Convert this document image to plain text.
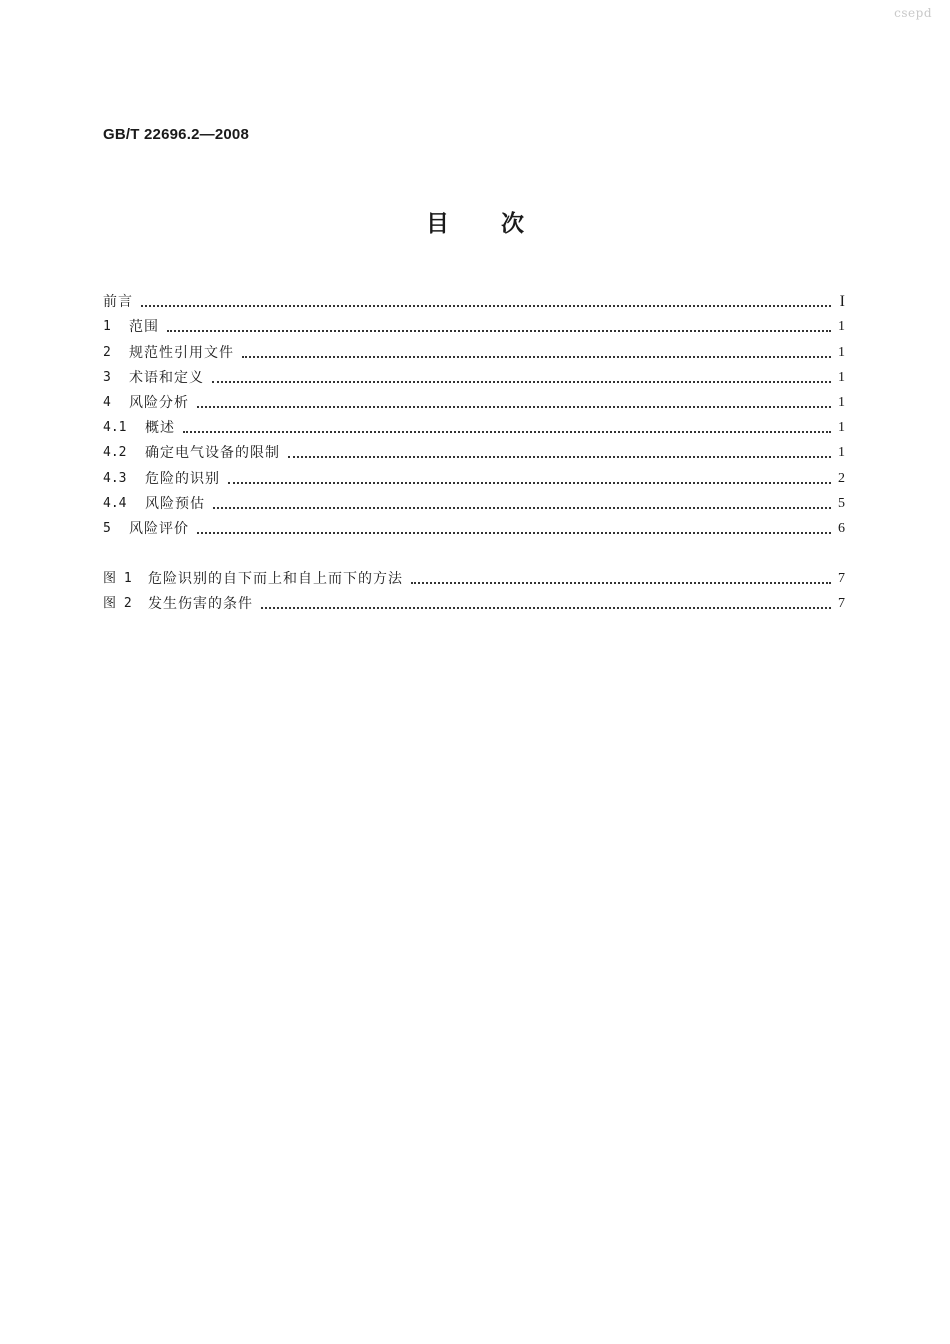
csepd
GB/T 22696.2—2008
目 次
前言	I
1	范围	1
2	规范性引用文件	1
3	术语和定义	1
4	风险分析	1
4.1	概述	1
4.2	确定电气设备的限制	1
4.3	危险的识别	2
4.4	风险预估	5
5	风险评价	6
图 1	危险识别的自下而上和自上而下的方法	7
图 2	发生伤害的条件	7
